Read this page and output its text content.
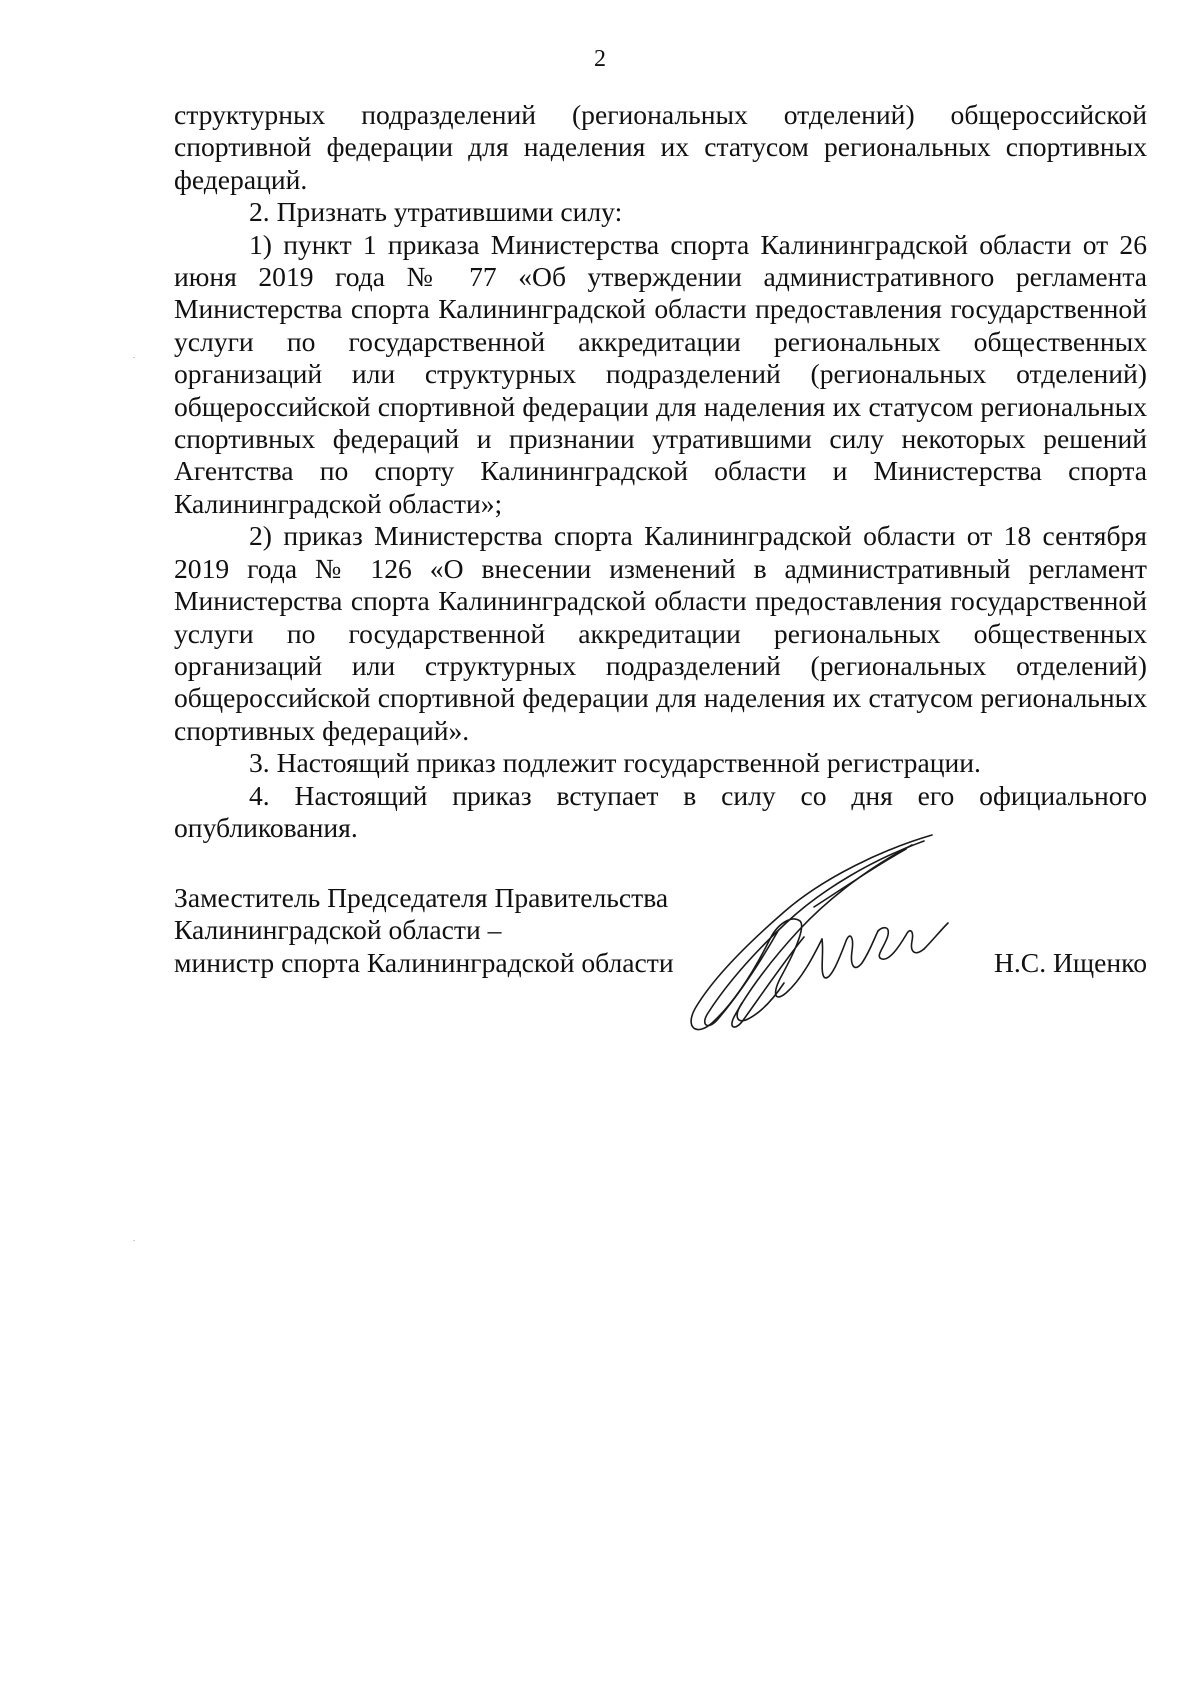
2

структурных подразделений (региональных отделений) общероссийской спортивной федерации для наделения их статусом региональных спортивных федераций.

2. Признать утратившими силу:

1) пункт 1 приказа Министерства спорта Калининградской области от 26 июня 2019 года № 77 «Об утверждении административного регламента Министерства спорта Калининградской области предоставления государственной услуги по государственной аккредитации региональных общественных организаций или структурных подразделений (региональных отделений) общероссийской спортивной федерации для наделения их статусом региональных спортивных федераций и признании утратившими силу некоторых решений Агентства по спорту Калининградской области и Министерства спорта Калининградской области»;

2) приказ Министерства спорта Калининградской области от 18 сентября 2019 года № 126 «О внесении изменений в административный регламент Министерства спорта Калининградской области предоставления государственной услуги по государственной аккредитации региональных общественных организаций или структурных подразделений (региональных отделений) общероссийской спортивной федерации для наделения их статусом региональных спортивных федераций».

3. Настоящий приказ подлежит государственной регистрации.

4. Настоящий приказ вступает в силу со дня его официального опубликования.

Заместитель Председателя Правительства
Калининградской области –
министр спорта Калининградской области	Н.С. Ищенко
